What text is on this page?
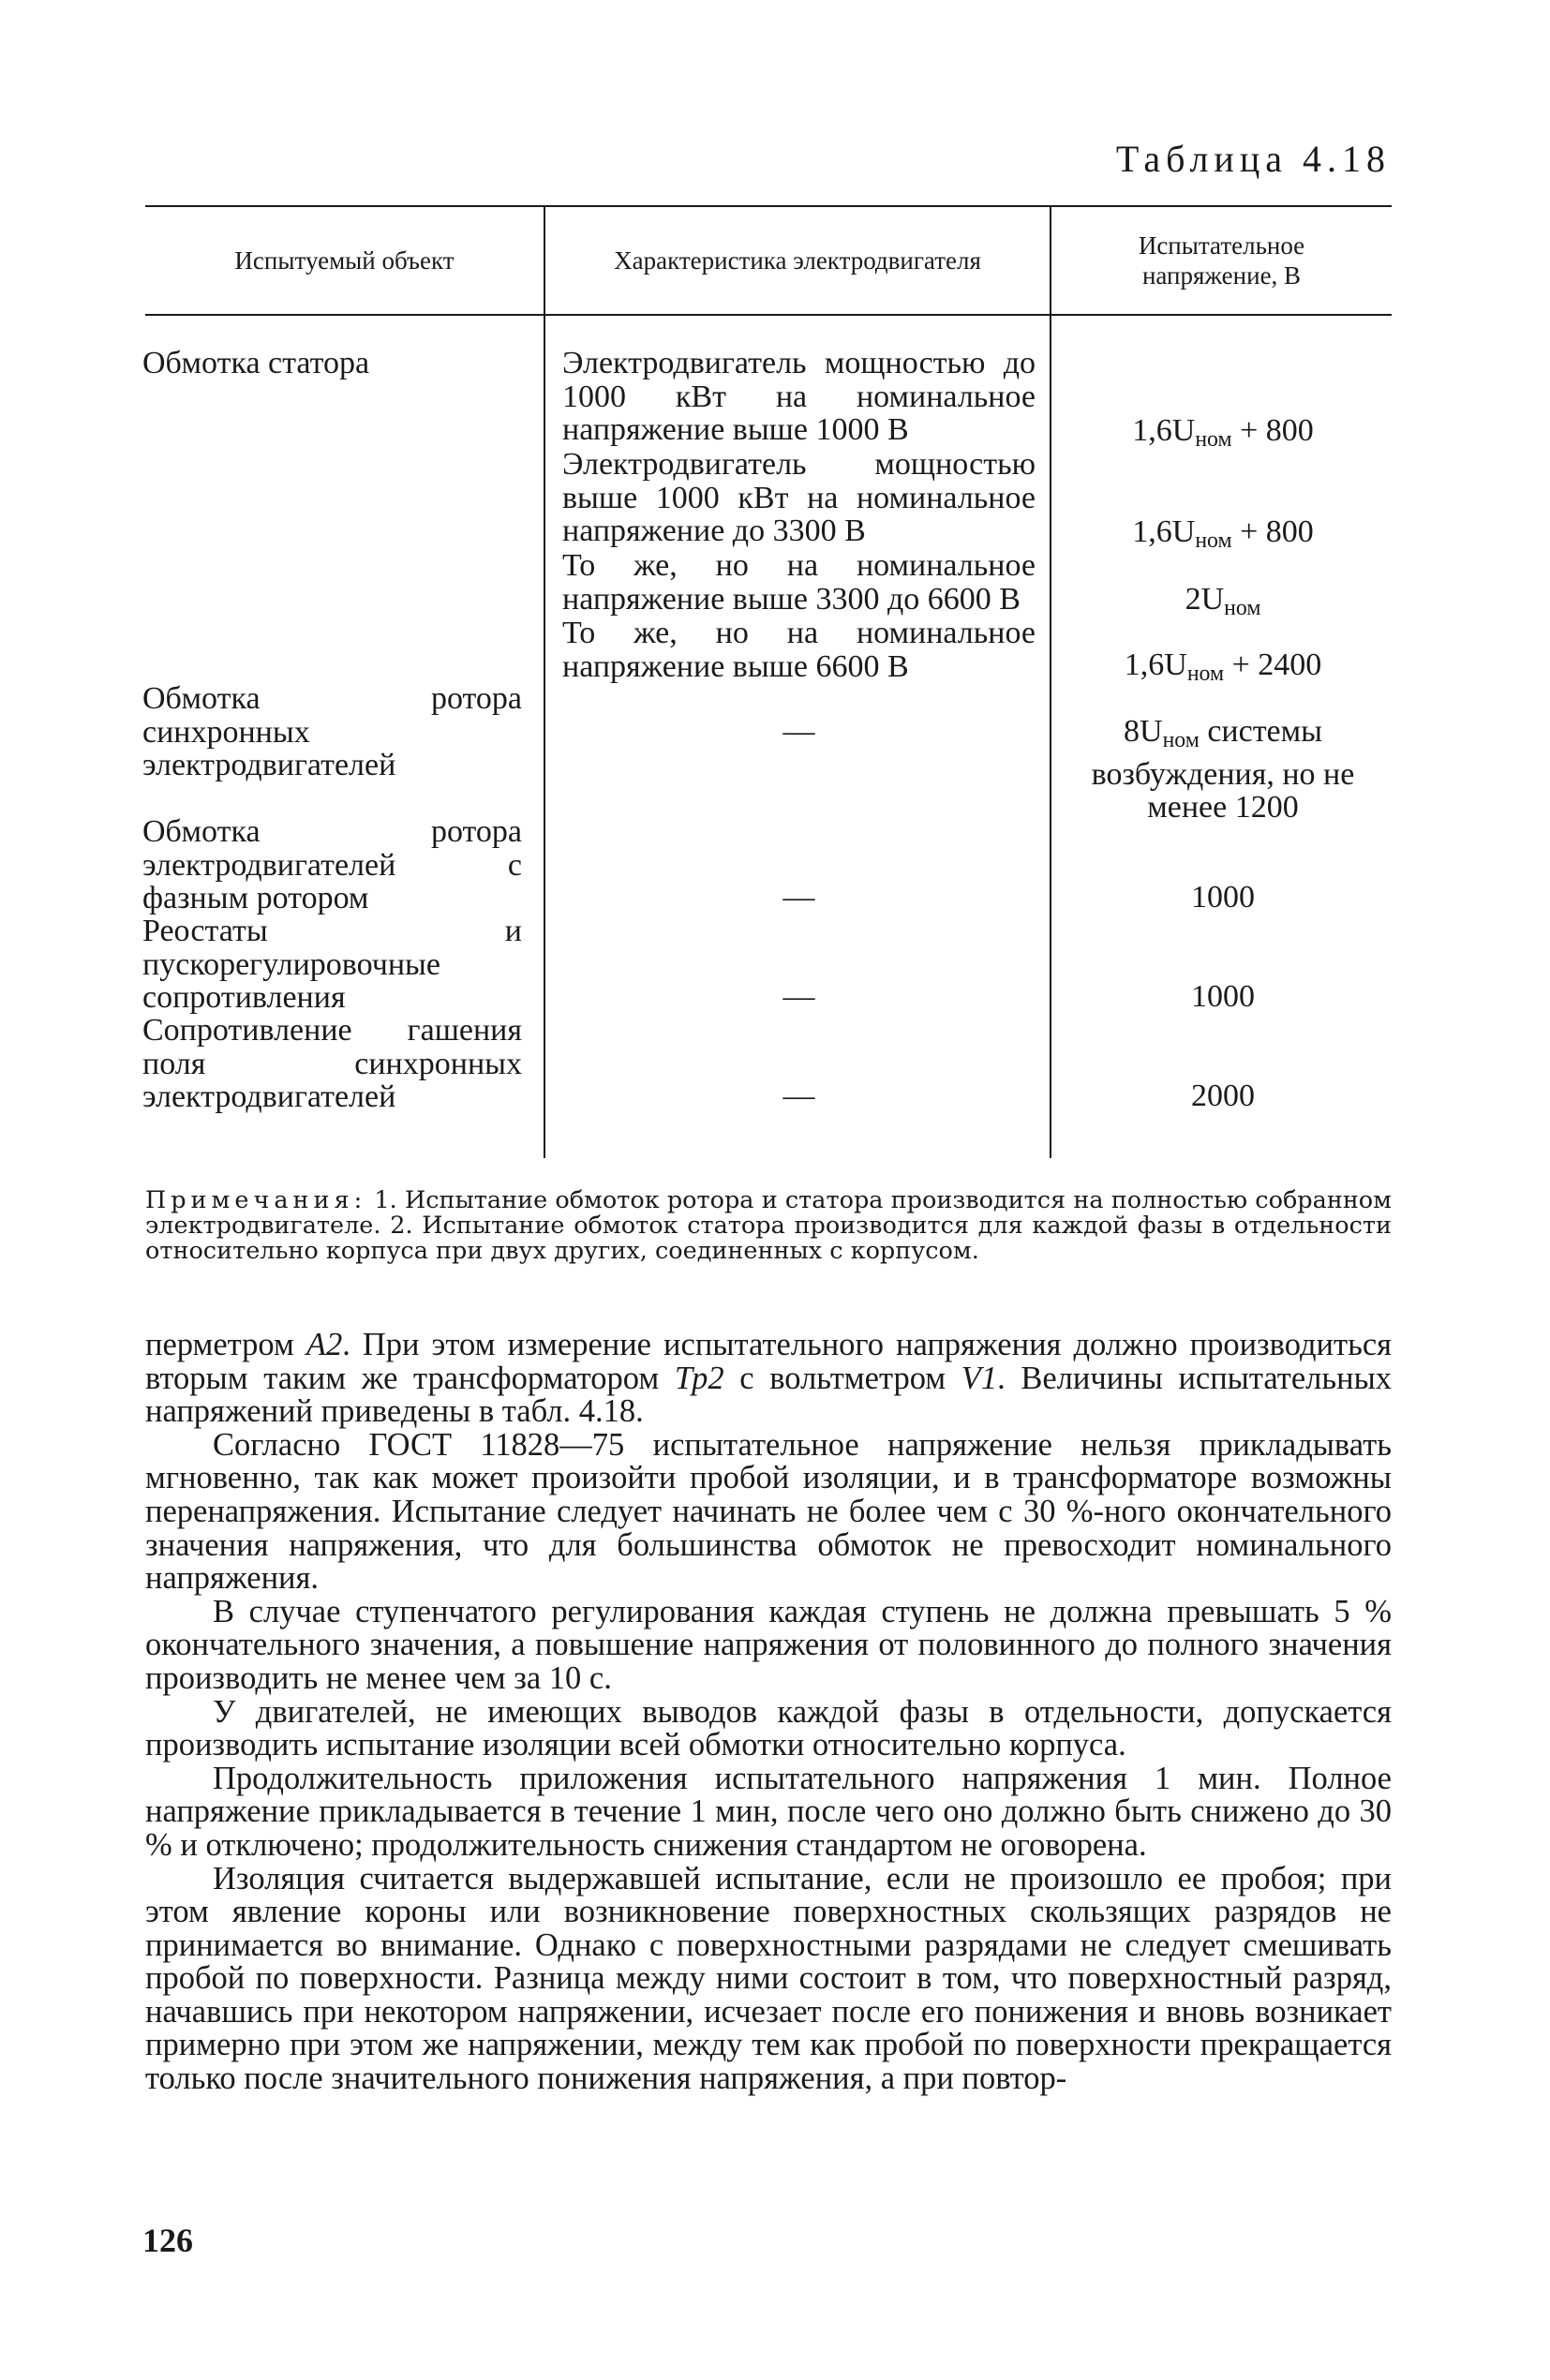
Таблица 4.18
Испытуемый объект	Характеристика электродвигателя
Испытательное напряжение, В
Обмотка статора
Обмотка ротора синхронных электродвигателей
Обмотка ротора электродвигателей с фазным ротором
Реостаты и пускорегулировочные сопротивления
Сопротивление гашения поля синхронных электродвигателей
Электродвигатель мощностью до 1000 кВт на номинальное напряжение выше 1000 В
Электродвигатель мощностью выше 1000 кВт на номинальное напряжение до 3300 В
То же, но на номинальное напряжение выше 3300 до 6600 В
То же, но на номинальное напряжение выше 6600 В
—
—
—
—
$1,6U_{ном} + 800$
$1,6U_{ном} + 800$
$2U_{ном}$
$1,6U_{ном} + 2400$
$8U_{ном}$ системы возбуждения, но не менее 1200
1000
1000
2000
Примечания: 1. Испытание обмоток ротора и статора производится на полностью собранном электродвигателе. 2. Испытание обмоток статора производится для каждой фазы в отдельности относительно корпуса при двух других, соединенных с корпусом.

перметром A2. При этом измерение испытательного напряжения должно производиться вторым таким же трансформатором Тр2 с вольтметром V1. Величины испытательных напряжений приведены в табл. 4.18.

Согласно ГОСТ 11828—75 испытательное напряжение нельзя прикладывать мгновенно, так как может произойти пробой изоляции, и в трансформаторе возможны перенапряжения. Испытание следует начинать не более чем с 30 %-ного окончательного значения напряжения, что для большинства обмоток не превосходит номинального напряжения.

В случае ступенчатого регулирования каждая ступень не должна превышать 5 % окончательного значения, а повышение напряжения от половинного до полного значения производить не менее чем за 10 с.

У двигателей, не имеющих выводов каждой фазы в отдельности, допускается производить испытание изоляции всей обмотки относительно корпуса.

Продолжительность приложения испытательного напряжения 1 мин. Полное напряжение прикладывается в течение 1 мин, после чего оно должно быть снижено до 30 % и отключено; продолжительность снижения стандартом не оговорена.

Изоляция считается выдержавшей испытание, если не произошло ее пробоя; при этом явление короны или возникновение поверхностных скользящих разрядов не принимается во внимание. Однако с поверхностными разрядами не следует смешивать пробой по поверхности. Разница между ними состоит в том, что поверхностный разряд, начавшись при некотором напряжении, исчезает после его понижения и вновь возникает примерно при этом же напряжении, между тем как пробой по поверхности прекращается только после значительного понижения напряжения, а при повтор-

126
